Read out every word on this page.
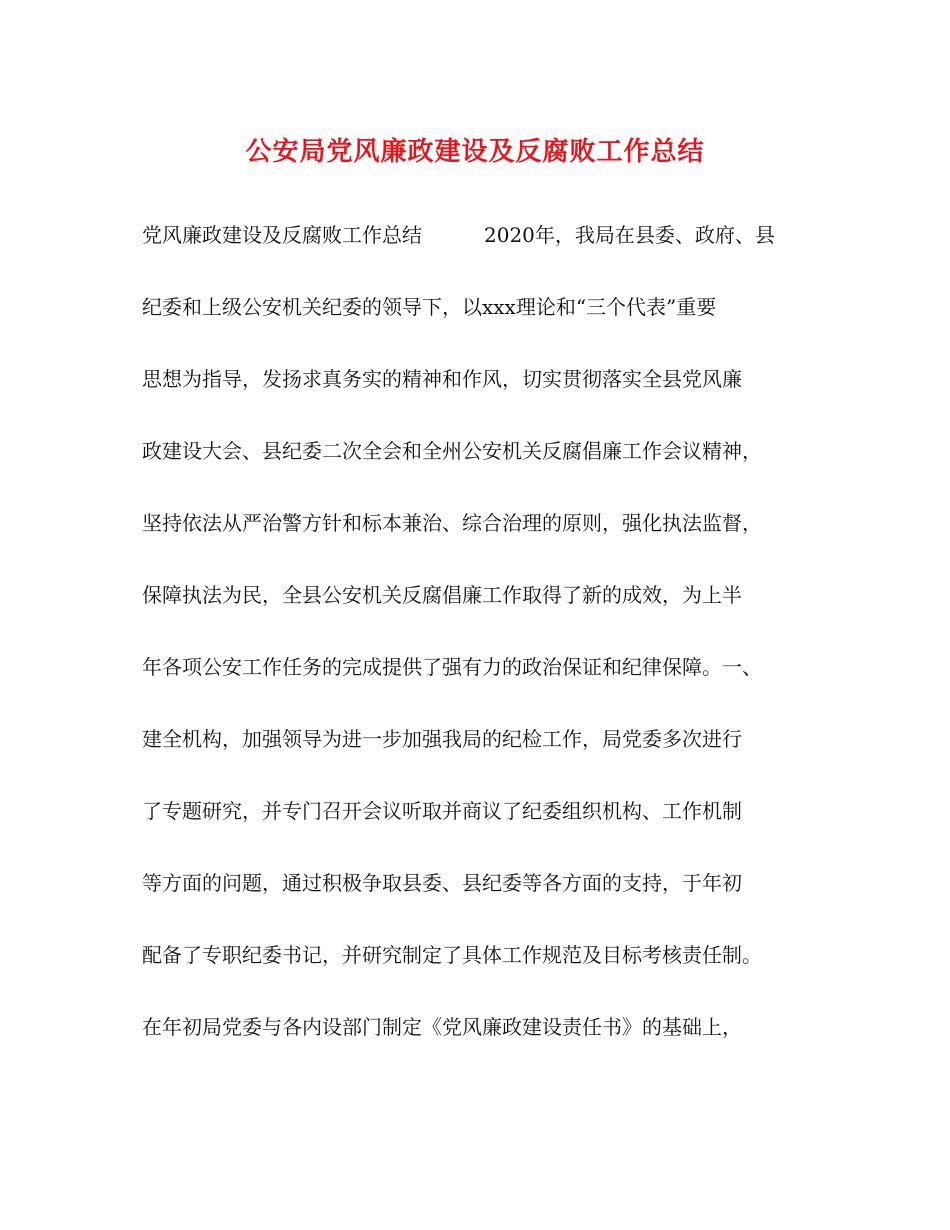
公安局党风廉政建设及反腐败工作总结
党风廉政建设及反腐败工作总结	2020年，我局在县委、政府、县
纪委和上级公安机关纪委的领导下，以xxx理论和“三个代表”重要
思想为指导，发扬求真务实的精神和作风，切实贯彻落实全县党风廉
政建设大会、县纪委二次全会和全州公安机关反腐倡廉工作会议精神，
坚持依法从严治警方针和标本兼治、综合治理的原则，强化执法监督，
保障执法为民，全县公安机关反腐倡廉工作取得了新的成效，为上半
年各项公安工作任务的完成提供了强有力的政治保证和纪律保障。一、
建全机构，加强领导为进一步加强我局的纪检工作，局党委多次进行
了专题研究，并专门召开会议听取并商议了纪委组织机构、工作机制
等方面的问题，通过积极争取县委、县纪委等各方面的支持，于年初
配备了专职纪委书记，并研究制定了具体工作规范及目标考核责任制。
在年初局党委与各内设部门制定《党风廉政建设责任书》的基础上，
